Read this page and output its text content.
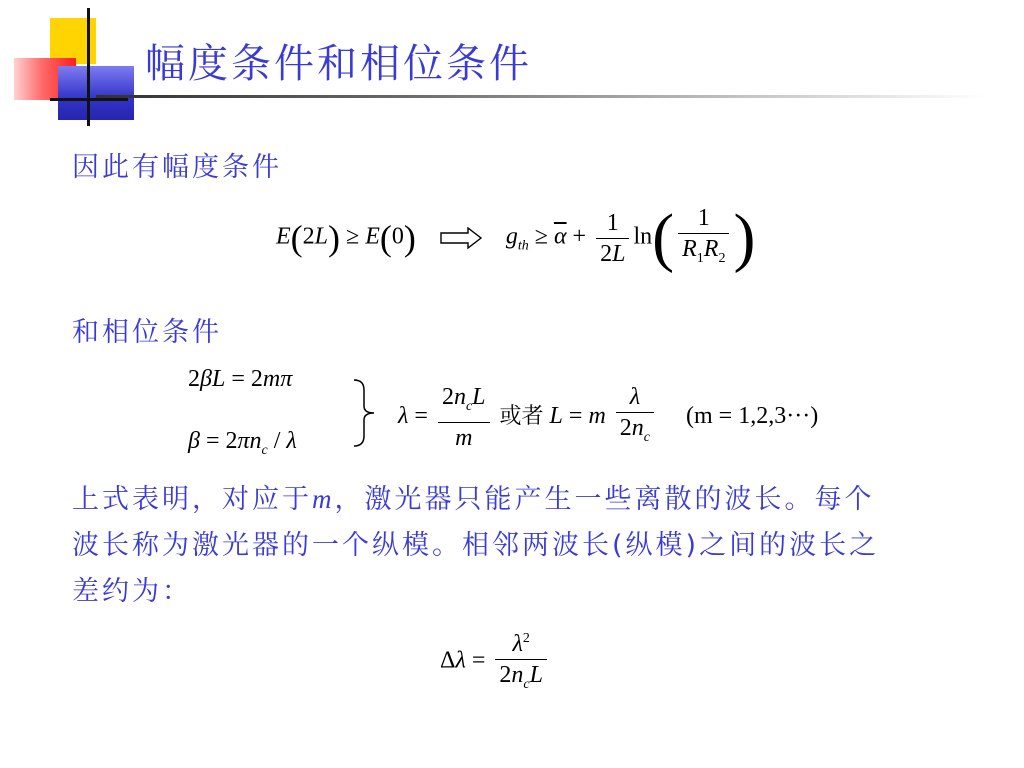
幅度条件和相位条件

因此有幅度条件

E(2L) ≥ E(0)	$g_{th} \ge \overline{\alpha} + \frac{1}{2L} \ln( \frac{1}{R_1R_2}$ )

和相位条件

2βL = 2mπ
$\beta = 2\pi n_c / \lambda$
$\lambda = \frac{2n_cL}{m}$ 或者 L = m $\frac{\lambda}{2n_c} (m = 1,2,3\cdot\cdot\cdot)$
上式表明，对应于m，激光器只能产生一些离散的波长。每个
波长称为激光器的一个纵模。相邻两波长(纵模)之间的波长之
差约为：
$\Delta\lambda = \frac{\lambda^2}{2n_cL}$
